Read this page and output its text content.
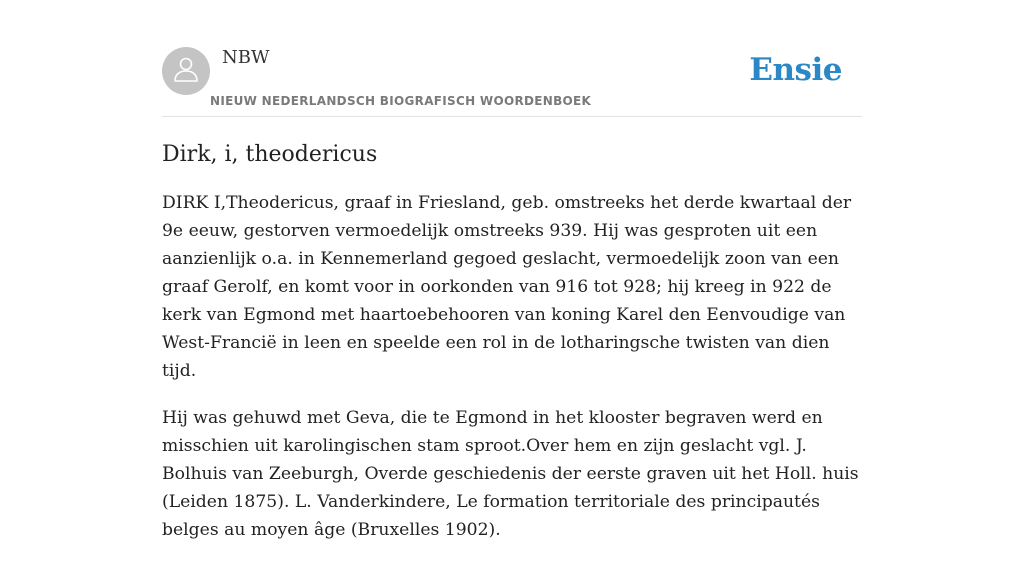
NBW

NIEUW NEDERLANDSCH BIOGRAFISCH WOORDENBOEK

Ensie
Dirk, i, theodericus

DIRK I,Theodericus, graaf in Friesland, geb. omstreeks het derde kwartaal der 9e eeuw, gestorven vermoedelijk omstreeks 939. Hij was gesproten uit een aanzienlijk o.a. in Kennemerland gegoed geslacht, vermoedelijk zoon van een graaf Gerolf, en komt voor in oorkonden van 916 tot 928; hij kreeg in 922 de kerk van Egmond met haartoebehooren van koning Karel den Eenvoudige van West-Francië in leen en speelde een rol in de lotharingsche twisten van dien tijd.

Hij was gehuwd met Geva, die te Egmond in het klooster begraven werd en misschien uit karolingischen stam sproot.Over hem en zijn geslacht vgl. J. Bolhuis van Zeeburgh, Overde geschiedenis der eerste graven uit het Holl. huis (Leiden 1875). L. Vanderkindere, Le formation territoriale des principautés belges au moyen âge (Bruxelles 1902).
